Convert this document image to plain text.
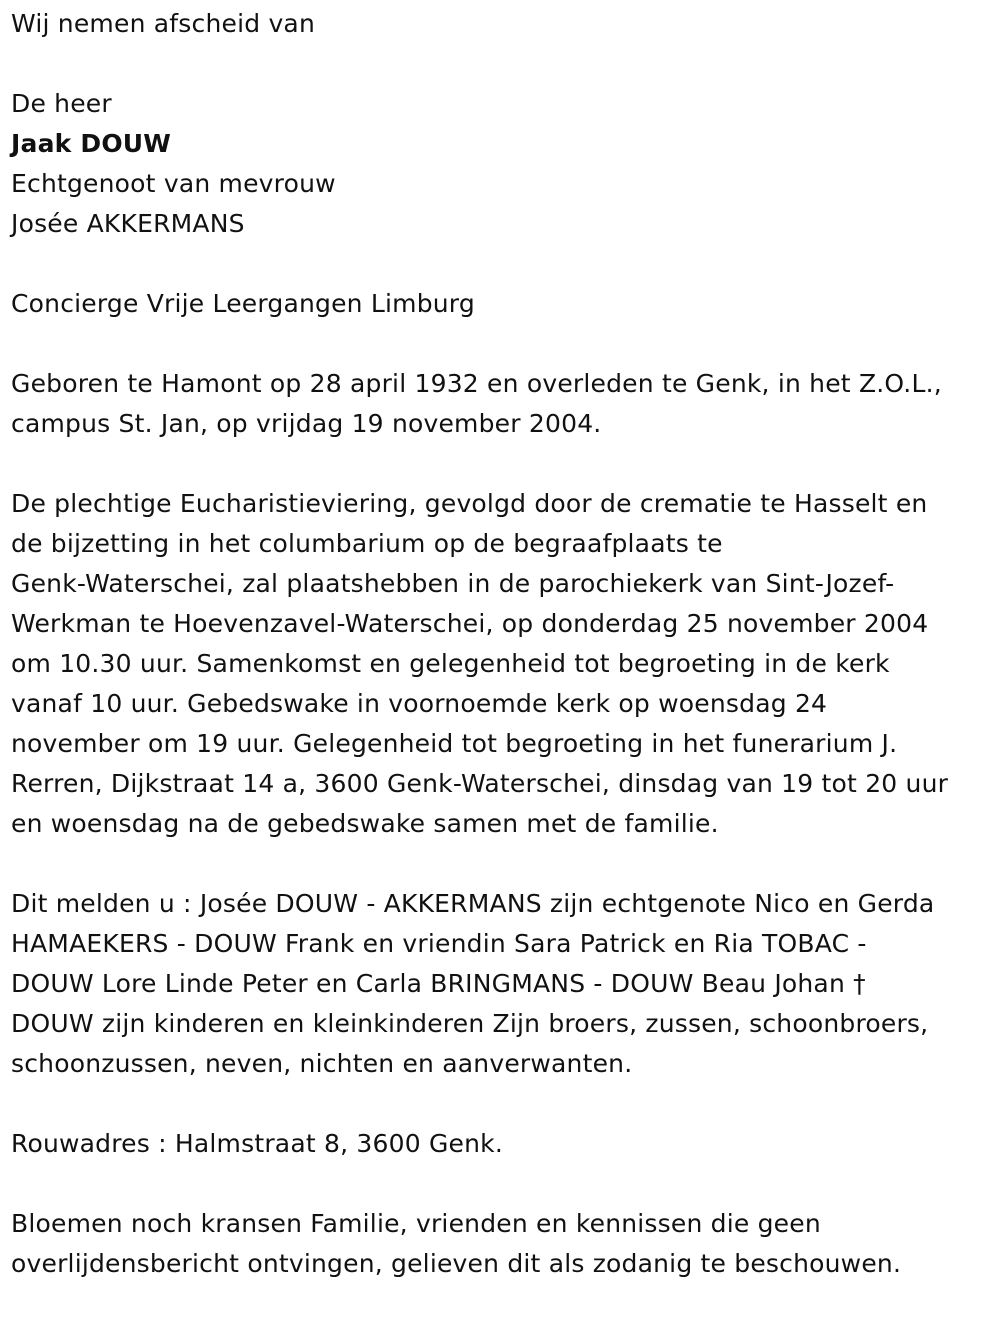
Wij nemen afscheid van
De heer
Jaak DOUW
Echtgenoot van mevrouw
Josée AKKERMANS
Concierge Vrije Leergangen Limburg
Geboren te Hamont op 28 april 1932 en overleden te Genk, in het Z.O.L.,
campus St. Jan, op vrijdag 19 november 2004.
De plechtige Eucharistieviering, gevolgd door de crematie te Hasselt en
de bijzetting in het columbarium op de begraafplaats te
Genk-Waterschei, zal plaatshebben in de parochiekerk van Sint-Jozef-
Werkman te Hoevenzavel-Waterschei, op donderdag 25 november 2004
om 10.30 uur. Samenkomst en gelegenheid tot begroeting in de kerk
vanaf 10 uur. Gebedswake in voornoemde kerk op woensdag 24
november om 19 uur. Gelegenheid tot begroeting in het funerarium J.
Rerren, Dijkstraat 14 a, 3600 Genk-Waterschei, dinsdag van 19 tot 20 uur
en woensdag na de gebedswake samen met de familie.
Dit melden u : Josée DOUW - AKKERMANS zijn echtgenote Nico en Gerda
HAMAEKERS - DOUW Frank en vriendin Sara Patrick en Ria TOBAC -
DOUW Lore Linde Peter en Carla BRINGMANS - DOUW Beau Johan †
DOUW zijn kinderen en kleinkinderen Zijn broers, zussen, schoonbroers,
schoonzussen, neven, nichten en aanverwanten.
Rouwadres : Halmstraat 8, 3600 Genk.
Bloemen noch kransen Familie, vrienden en kennissen die geen
overlijdensbericht ontvingen, gelieven dit als zodanig te beschouwen.
